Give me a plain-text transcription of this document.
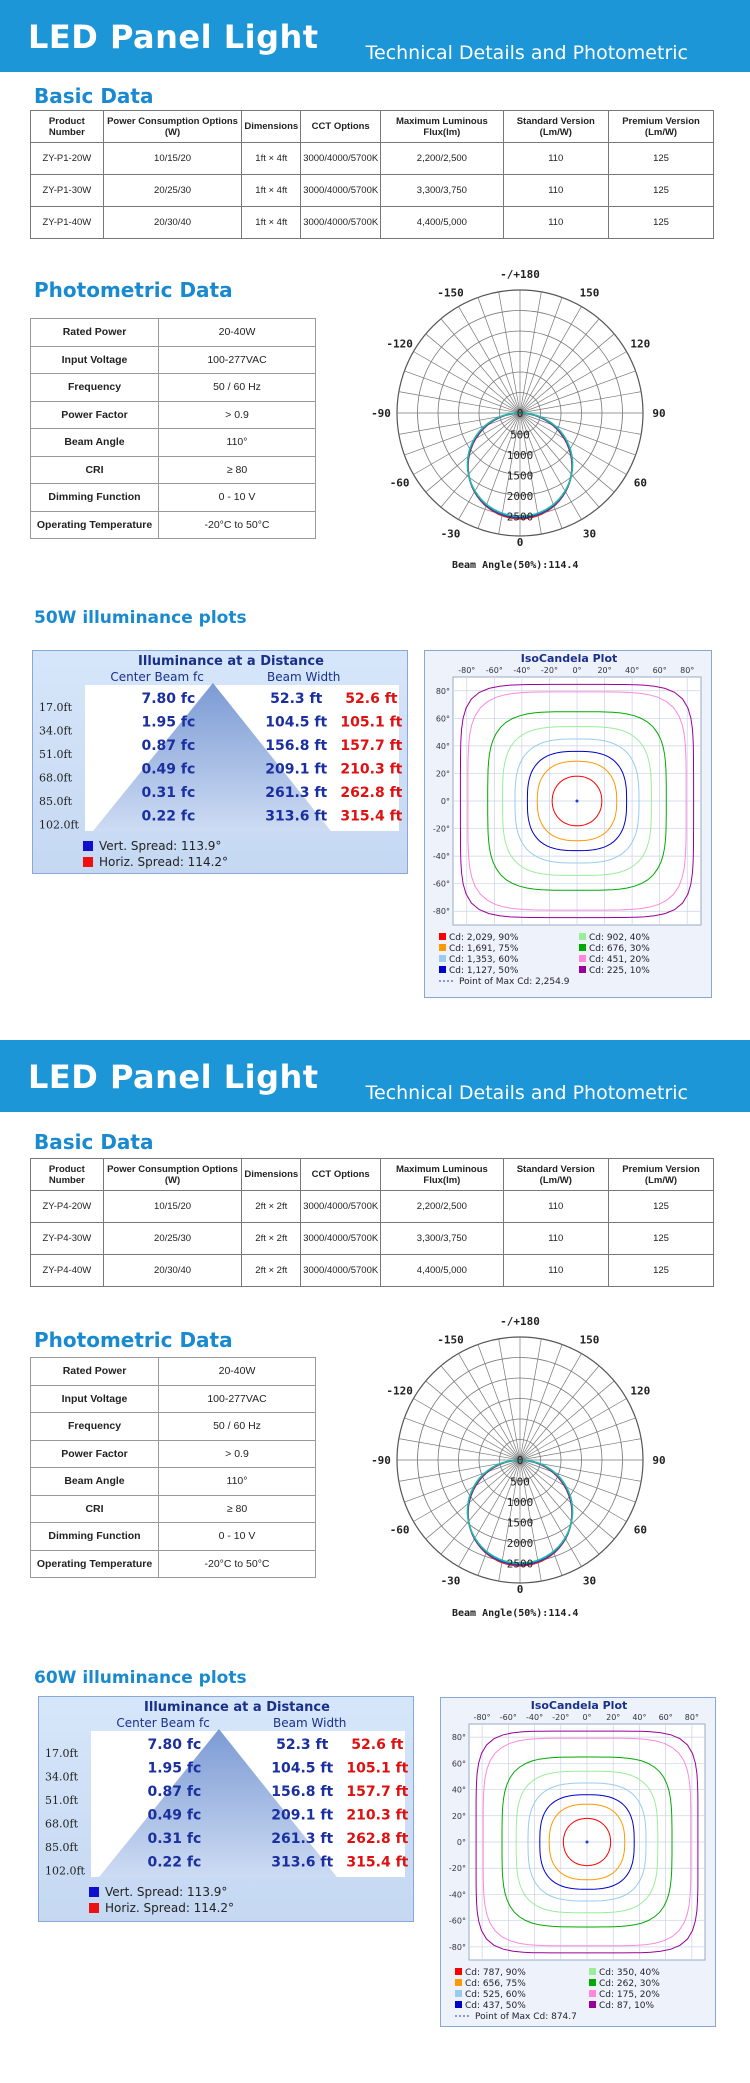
LED Panel Light Technical Details and Photometric
Basic Data
Product Number	Power Consumption Options (W)	Dimensions	CCT Options	Maximum Luminous Flux(lm)	Standard Version (Lm/W)	Premium Version (Lm/W)
ZY-P1-20W	10/15/20	1ft × 4ft	3000/4000/5700K	2,200/2,500	110	125
ZY-P1-30W	20/25/30	1ft × 4ft	3000/4000/5700K	3,300/3,750	110	125
ZY-P1-40W	20/30/40	1ft × 4ft	3000/4000/5700K	4,400/5,000	110	125
Photometric Data
Rated Power	20-40W
Input Voltage	100-277VAC
Frequency	50 / 60 Hz
Power Factor	> 0.9
Beam Angle	110°
CRI	≥ 80
Dimming Function	0 - 10 V
Operating Temperature	-20°C to 50°C
-/+180
-150	150
-120	120
-90	90
-60	60
-30	30
0
0
500
1000
1500
2000
2500
Beam Angle(50%):114.4
50W illuminance plots
Illuminance at a Distance
Center Beam fc	Beam Width
17.0ft
7.80 fc	52.3 ft 52.6 ft
34.0ft
1.95 fc	104.5 ft 105.1 ft
51.0ft
0.87 fc	156.8 ft 157.7 ft
68.0ft
0.49 fc	209.1 ft 210.3 ft
85.0ft
0.31 fc	261.3 ft 262.8 ft
102.0ft
0.22 fc	313.6 ft 315.4 ft
Vert. Spread: 113.9°
Horiz. Spread: 114.2°
IsoCandela Plot
-80° -60° -40° -20° 0° 20° 40° 60° 80°
80°
60°
40°
20°
0°
-20°
-40°
-60°
-80°
Cd: 2,029, 90%	Cd: 902, 40%
Cd: 1,691, 75%	Cd: 676, 30%
Cd: 1,353, 60%	Cd: 451, 20%
Cd: 1,127, 50%	Cd: 225, 10%
Point of Max Cd: 2,254.9
LED Panel Light Technical Details and Photometric
Basic Data
Product Number	Power Consumption Options (W)	Dimensions	CCT Options	Maximum Luminous Flux(lm)	Standard Version (Lm/W)	Premium Version (Lm/W)
ZY-P4-20W	10/15/20	2ft × 2ft	3000/4000/5700K	2,200/2,500	110	125
ZY-P4-30W	20/25/30	2ft × 2ft	3000/4000/5700K	3,300/3,750	110	125
ZY-P4-40W	20/30/40	2ft × 2ft	3000/4000/5700K	4,400/5,000	110	125
Photometric Data
Rated Power	20-40W
Input Voltage	100-277VAC
Frequency	50 / 60 Hz
Power Factor	> 0.9
Beam Angle	110°
CRI	≥ 80
Dimming Function	0 - 10 V
Operating Temperature	-20°C to 50°C
-/+180
-150	150
-120	120
-90	90
-60	60
-30	30
0
0
500
1000
1500
2000
2500
Beam Angle(50%):114.4
60W illuminance plots
Illuminance at a Distance
Center Beam fc	Beam Width
17.0ft
7.80 fc	52.3 ft 52.6 ft
34.0ft
1.95 fc	104.5 ft 105.1 ft
51.0ft
0.87 fc	156.8 ft 157.7 ft
68.0ft
0.49 fc	209.1 ft 210.3 ft
85.0ft
0.31 fc	261.3 ft 262.8 ft
102.0ft
0.22 fc	313.6 ft 315.4 ft
Vert. Spread: 113.9°
Horiz. Spread: 114.2°
IsoCandela Plot
-80° -60° -40° -20° 0° 20° 40° 60° 80°
80°
60°
40°
20°
0°
-20°
-40°
-60°
-80°
Cd: 787, 90%	Cd: 350, 40%
Cd: 656, 75%	Cd: 262, 30%
Cd: 525, 60%	Cd: 175, 20%
Cd: 437, 50%	Cd: 87, 10%
Point of Max Cd: 874.7
